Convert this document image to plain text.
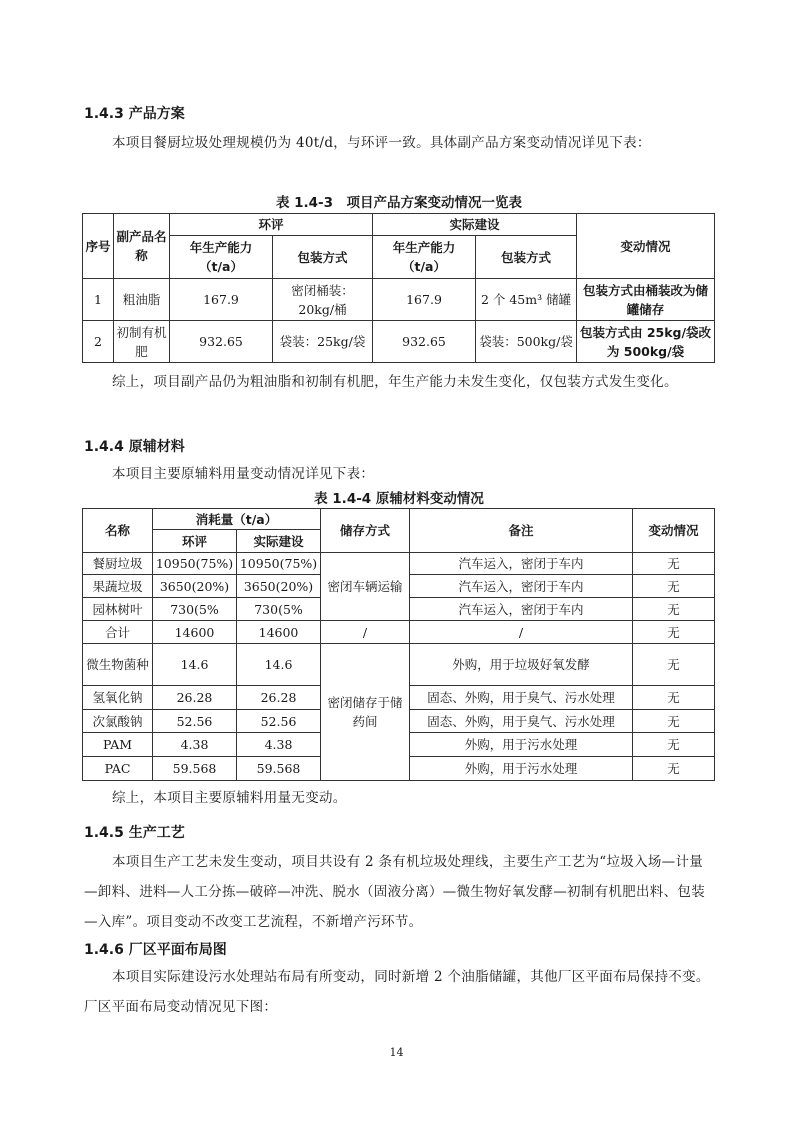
1.4.3 产品方案
本项目餐厨垃圾处理规模仍为 40t/d，与环评一致。具体副产品方案变动情况详见下表：
表 1.4-3　项目产品方案变动情况一览表
序号	副产品名称	环评		实际建设		变动情况
		年生产能力（t/a）	包装方式	年生产能力（t/a）	包装方式	
1	粗油脂	167.9	密闭桶装：20kg/桶	167.9	2 个 45m³ 储罐	包装方式由桶装改为储罐储存
2	初制有机肥	932.65	袋装：25kg/袋	932.65	袋装：500kg/袋	包装方式由 25kg/袋改为 500kg/袋
综上，项目副产品仍为粗油脂和初制有机肥，年生产能力未发生变化，仅包装方式发生变化。
1.4.4 原辅材料
本项目主要原辅料用量变动情况详见下表：
表 1.4-4 原辅材料变动情况
名称	消耗量（t/a）		储存方式	备注	变动情况
	环评	实际建设			
餐厨垃圾	10950(75%)	10950(75%)	密闭车辆运输	汽车运入，密闭于车内	无
果蔬垃圾	3650(20%)	3650(20%)		汽车运入，密闭于车内	无
园林树叶	730(5%	730(5%		汽车运入，密闭于车内	无
合计	14600	14600	/	/	无
微生物菌种	14.6	14.6	密闭储存于储药间	外购，用于垃圾好氧发酵	无
氢氧化钠	26.28	26.28		固态、外购，用于臭气、污水处理	无
次氯酸钠	52.56	52.56		固态、外购，用于臭气、污水处理	无
PAM	4.38	4.38		外购，用于污水处理	无
PAC	59.568	59.568		外购，用于污水处理	无
综上，本项目主要原辅料用量无变动。
1.4.5 生产工艺
本项目生产工艺未发生变动，项目共设有 2 条有机垃圾处理线，主要生产工艺为“垃圾入场—计量—卸料、进料—人工分拣—破碎—冲洗、脱水（固液分离）—微生物好氧发酵—初制有机肥出料、包装—入库”。项目变动不改变工艺流程，不新增产污环节。
1.4.6 厂区平面布局图
本项目实际建设污水处理站布局有所变动，同时新增 2 个油脂储罐，其他厂区平面布局保持不变。厂区平面布局变动情况见下图：
14
